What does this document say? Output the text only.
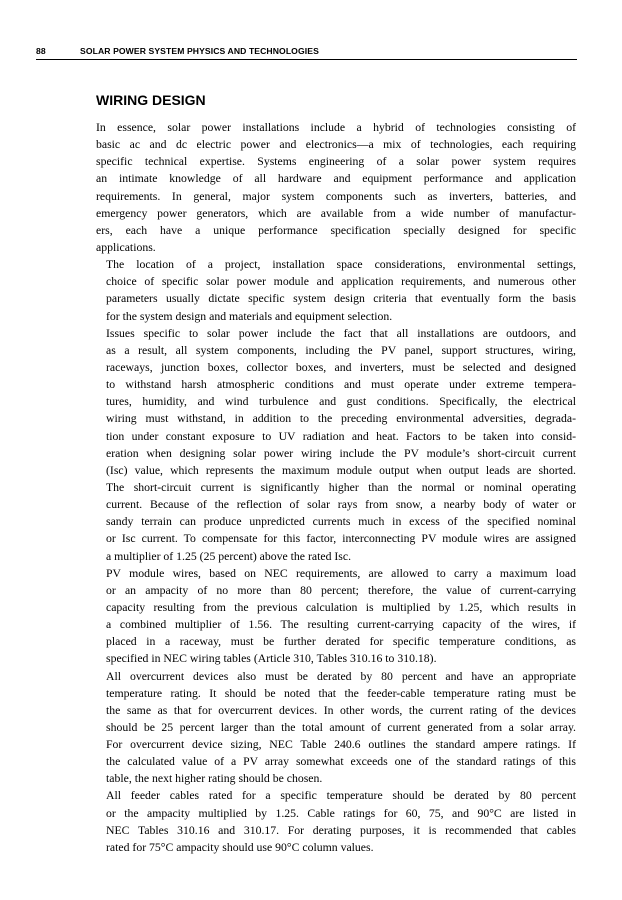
88	SOLAR POWER SYSTEM PHYSICS AND TECHNOLOGIES
WIRING DESIGN

In essence, solar power installations include a hybrid of technologies consisting of
basic ac and dc electric power and electronics—a mix of technologies, each requiring
specific technical expertise. Systems engineering of a solar power system requires
an intimate knowledge of all hardware and equipment performance and application
requirements. In general, major system components such as inverters, batteries, and
emergency power generators, which are available from a wide number of manufactur-
ers, each have a unique performance specification specially designed for specific
applications.

The location of a project, installation space considerations, environmental settings,
choice of specific solar power module and application requirements, and numerous other
parameters usually dictate specific system design criteria that eventually form the basis
for the system design and materials and equipment selection.

Issues specific to solar power include the fact that all installations are outdoors, and
as a result, all system components, including the PV panel, support structures, wiring,
raceways, junction boxes, collector boxes, and inverters, must be selected and designed
to withstand harsh atmospheric conditions and must operate under extreme tempera-
tures, humidity, and wind turbulence and gust conditions. Specifically, the electrical
wiring must withstand, in addition to the preceding environmental adversities, degrada-
tion under constant exposure to UV radiation and heat. Factors to be taken into consid-
eration when designing solar power wiring include the PV module’s short-circuit current
(Isc) value, which represents the maximum module output when output leads are shorted.
The short-circuit current is significantly higher than the normal or nominal operating
current. Because of the reflection of solar rays from snow, a nearby body of water or
sandy terrain can produce unpredicted currents much in excess of the specified nominal
or Isc current. To compensate for this factor, interconnecting PV module wires are assigned
a multiplier of 1.25 (25 percent) above the rated Isc.

PV module wires, based on NEC requirements, are allowed to carry a maximum load
or an ampacity of no more than 80 percent; therefore, the value of current-carrying
capacity resulting from the previous calculation is multiplied by 1.25, which results in
a combined multiplier of 1.56. The resulting current-carrying capacity of the wires, if
placed in a raceway, must be further derated for specific temperature conditions, as
specified in NEC wiring tables (Article 310, Tables 310.16 to 310.18).

All overcurrent devices also must be derated by 80 percent and have an appropriate
temperature rating. It should be noted that the feeder-cable temperature rating must be
the same as that for overcurrent devices. In other words, the current rating of the devices
should be 25 percent larger than the total amount of current generated from a solar array.
For overcurrent device sizing, NEC Table 240.6 outlines the standard ampere ratings. If
the calculated value of a PV array somewhat exceeds one of the standard ratings of this
table, the next higher rating should be chosen.

All feeder cables rated for a specific temperature should be derated by 80 percent
or the ampacity multiplied by 1.25. Cable ratings for 60, 75, and 90°C are listed in
NEC Tables 310.16 and 310.17. For derating purposes, it is recommended that cables
rated for 75°C ampacity should use 90°C column values.
